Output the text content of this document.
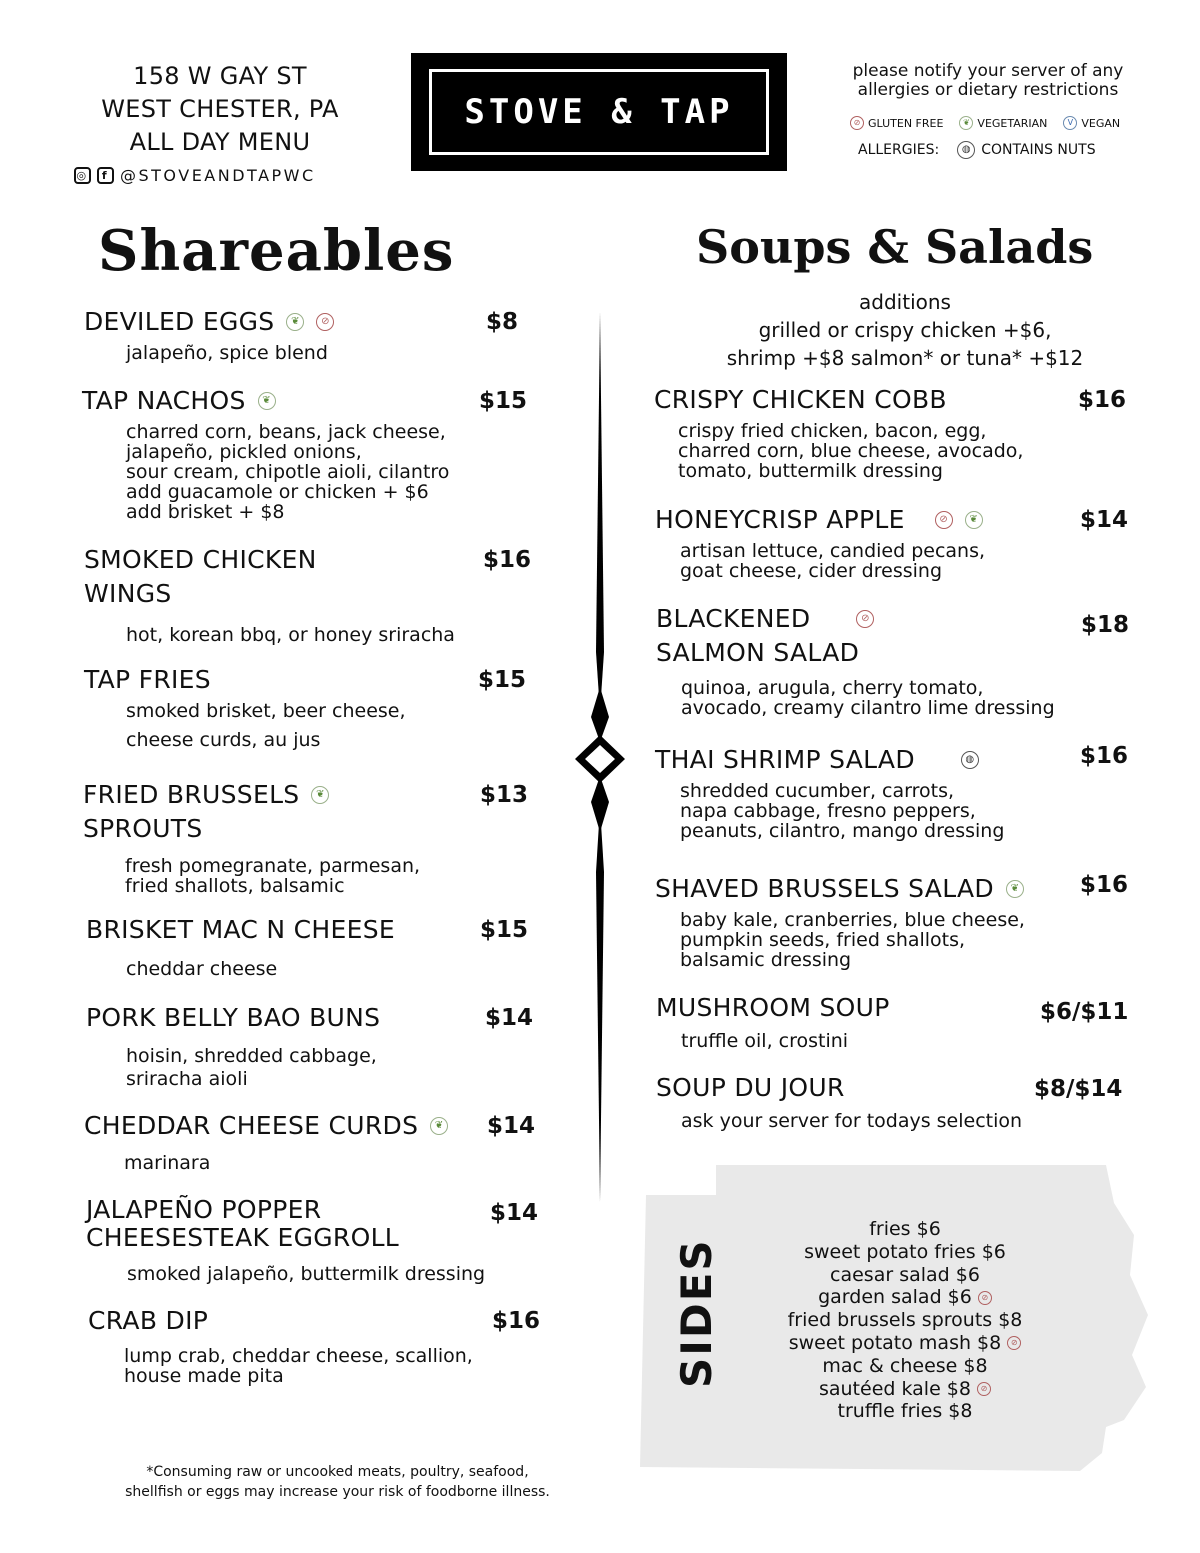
158 W GAY ST
WEST CHESTER, PA
ALL DAY MENU
◎	f @STOVEANDTAPWC
STOVE & TAP
please notify your server of any
allergies or dietary restrictions
⊘ GLUTEN FREE	❦ VEGETARIAN	V VEGAN
ALLERGIES:	◍ CONTAINS NUTS
Shareables	Soups & Salads
additions
grilled or crispy chicken +$6,
shrimp +$8 salmon* or tuna* +$12
DEVILED EGGS	❦	⊘	$8
jalapeño, spice blend
TAP NACHOS	❦	$15
charred corn, beans, jack cheese,
jalapeño, pickled onions,
sour cream, chipotle aioli, cilantro
add guacamole or chicken + $6
add brisket + $8
SMOKED CHICKEN
WINGS
$16
hot, korean bbq, or honey sriracha
TAP FRIES	$15
smoked brisket, beer cheese,
cheese curds, au jus
FRIED BRUSSELS	❦
SPROUTS
$13
fresh pomegranate, parmesan,
fried shallots, balsamic
BRISKET MAC N CHEESE	$15
cheddar cheese
PORK BELLY BAO BUNS	$14
hoisin, shredded cabbage,
sriracha aioli
CHEDDAR CHEESE CURDS	❦ $14
marinara
JALAPEÑO POPPER
CHEESESTEAK EGGROLL
$14
smoked jalapeño, buttermilk dressing
CRAB DIP	$16
lump crab, cheddar cheese, scallion,
house made pita
CRISPY CHICKEN COBB	$16
crispy fried chicken, bacon, egg,
charred corn, blue cheese, avocado,
tomato, buttermilk dressing
HONEYCRISP APPLE	⊘	❦	$14
artisan lettuce, candied pecans,
goat cheese, cider dressing
BLACKENED	⊘
SALMON SALAD
$18
quinoa, arugula, cherry tomato,
avocado, creamy cilantro lime dressing
THAI SHRIMP SALAD	◍	$16
shredded cucumber, carrots,
napa cabbage, fresno peppers,
peanuts, cilantro, mango dressing
SHAVED BRUSSELS SALAD	❦	$16
baby kale, cranberries, blue cheese,
pumpkin seeds, fried shallots,
balsamic dressing
MUSHROOM SOUP	$6/$11
truffle oil, crostini
SOUP DU JOUR	$8/$14
ask your server for todays selection
SIDES
fries $6
sweet potato fries $6
caesar salad $6
garden salad $6 ⊘
fried brussels sprouts $8
sweet potato mash $8 ⊘
mac & cheese $8
sautéed kale $8 ⊘
truffle fries $8
*Consuming raw or uncooked meats, poultry, seafood,
shellfish or eggs may increase your risk of foodborne illness.
